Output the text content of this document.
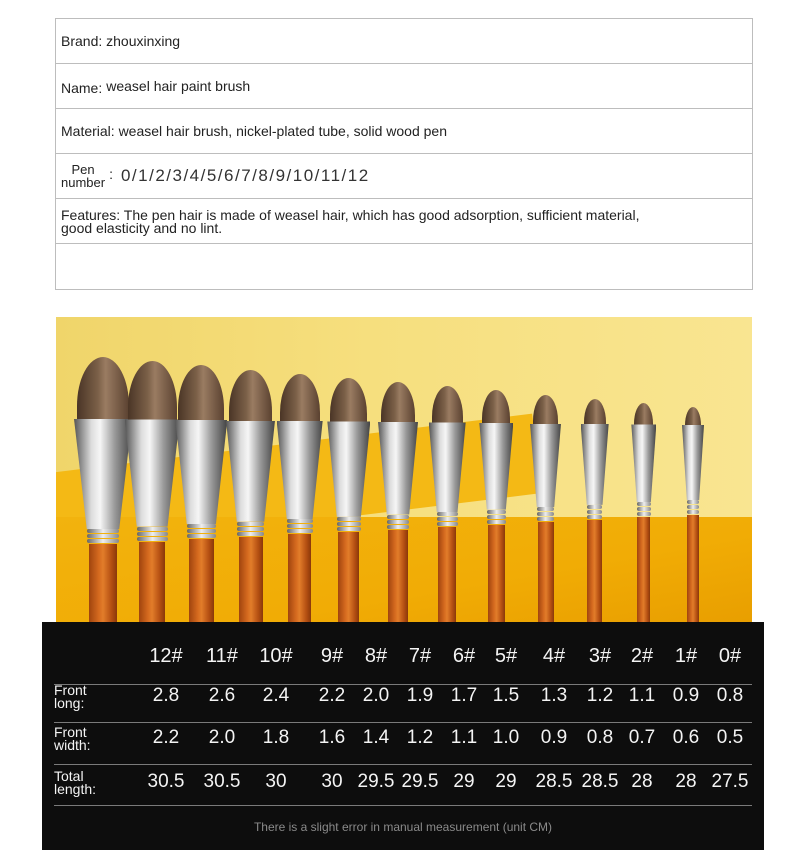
Brand: zhouxinxing
Name: weasel hair paint brush
Material: weasel hair brush, nickel-plated tube, solid wood pen
Pen
number
: 0/1/2/3/4/5/6/7/8/9/10/11/12
Features: The pen hair is made of weasel hair, which has good adsorption, sufficient material,
good elasticity and no lint.
12#	11#	10#	9#	8#	7#	6# 5#	4#	3# 2#	1#	0#
Front
long:	2.8	2.6	2.4	2.2 2.0 1.9 1.7 1.5	1.3	1.2 1.1 0.9 0.8
Front
width:	2.2	2.0	1.8	1.6 1.4 1.2 1.1 1.0	0.9	0.8 0.7 0.6 0.5
Total
length:	30.5 30.5	30	30 29.5 29.5 29	29 28.5 28.5 28	28 27.5
There is a slight error in manual measurement (unit CM)
